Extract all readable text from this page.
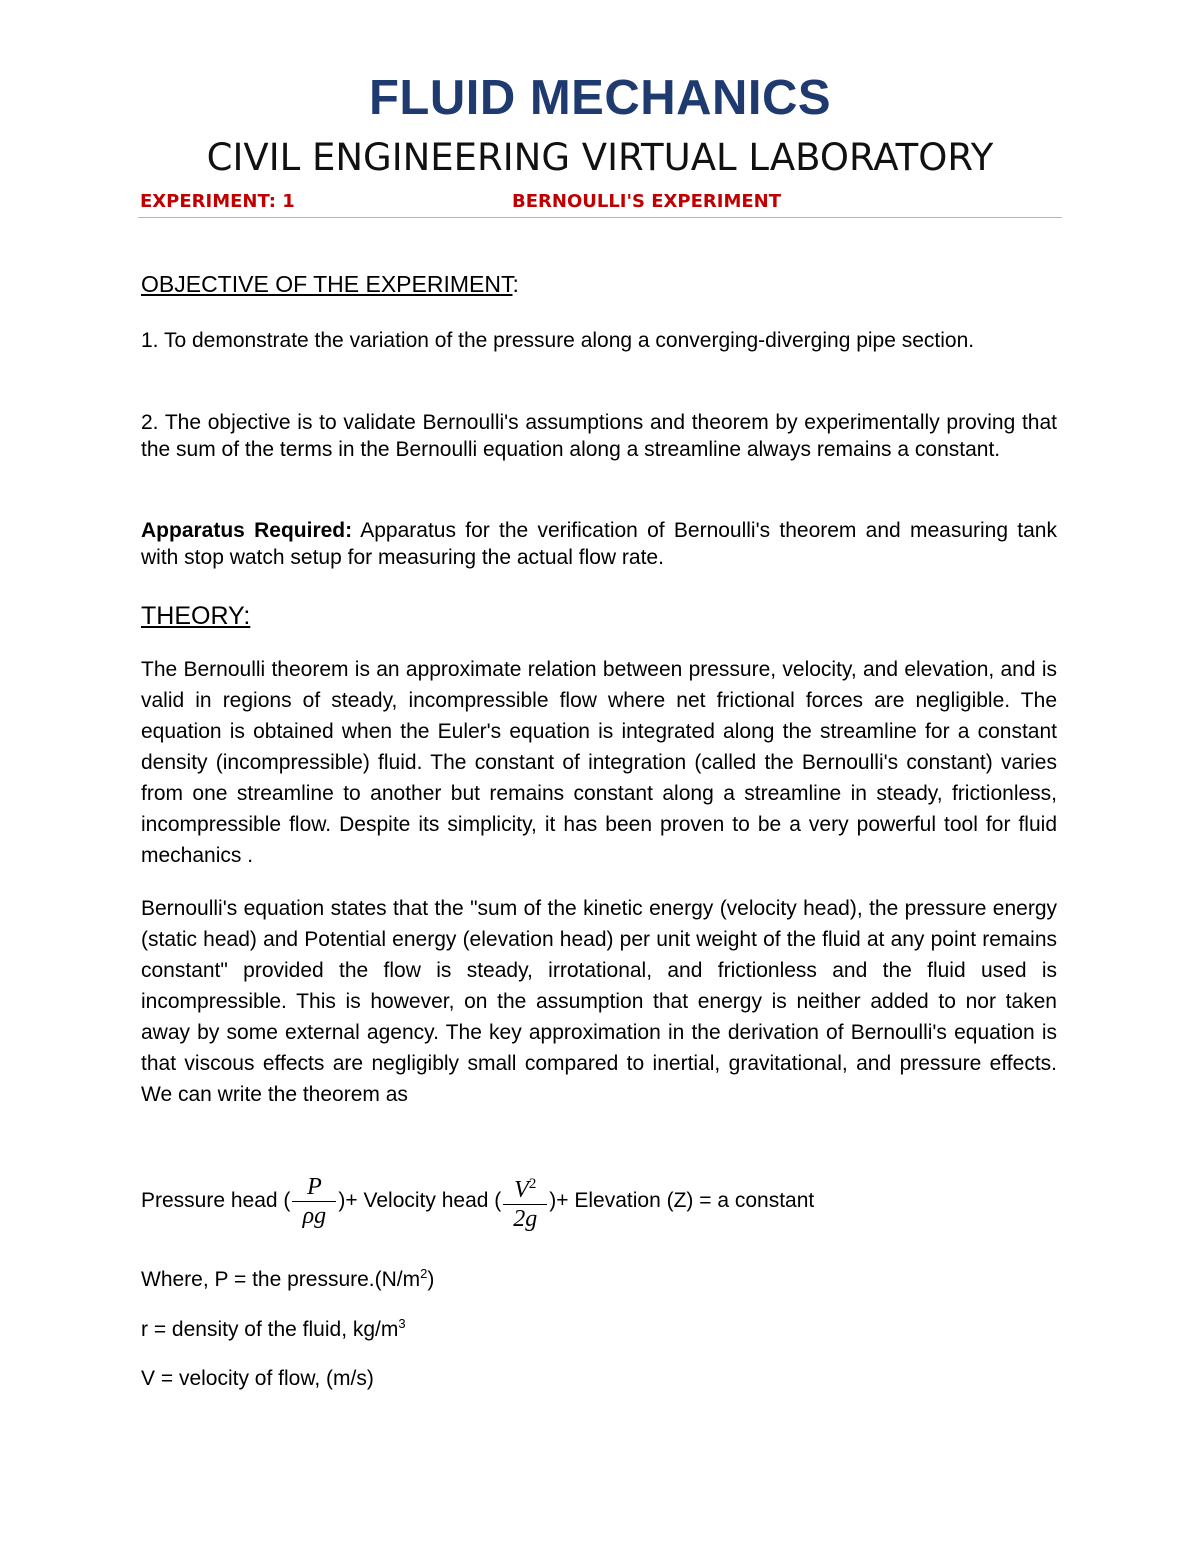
FLUID MECHANICS
CIVIL ENGINEERING VIRTUAL LABORATORY
EXPERIMENT: 1	BERNOULLI'S EXPERIMENT
OBJECTIVE OF THE EXPERIMENT:
1. To demonstrate the variation of the pressure along a converging-diverging pipe section.
2. The objective is to validate Bernoulli's assumptions and theorem by experimentally proving that the sum of the terms in the Bernoulli equation along a streamline always remains a constant.
Apparatus Required: Apparatus for the verification of Bernoulli's theorem and measuring tank with stop watch setup for measuring the actual flow rate.
THEORY:
The Bernoulli theorem is an approximate relation between pressure, velocity, and elevation, and is valid in regions of steady, incompressible flow where net frictional forces are negligible. The equation is obtained when the Euler's equation is integrated along the streamline for a constant density (incompressible) fluid. The constant of integration (called the Bernoulli's constant) varies from one streamline to another but remains constant along a streamline in steady, frictionless, incompressible flow. Despite its simplicity, it has been proven to be a very powerful tool for fluid mechanics .
Bernoulli's equation states that the "sum of the kinetic energy (velocity head), the pressure energy (static head) and Potential energy (elevation head) per unit weight of the fluid at any point remains constant" provided the flow is steady, irrotational, and frictionless and the fluid used is incompressible. This is however, on the assumption that energy is neither added to nor taken away by some external agency. The key approximation in the derivation of Bernoulli's equation is that viscous effects are negligibly small compared to inertial, gravitational, and pressure effects. We can write the theorem as
Pressure head ( $\frac{P}{\rho g}$ )+ Velocity head ( $\frac{V^2}{2g}$ )+ Elevation (Z) = a constant
Where, P = the $pressure.(N/m^2)$
r = density of the fluid, $kg/m^3$
V = velocity of flow, (m/s)
